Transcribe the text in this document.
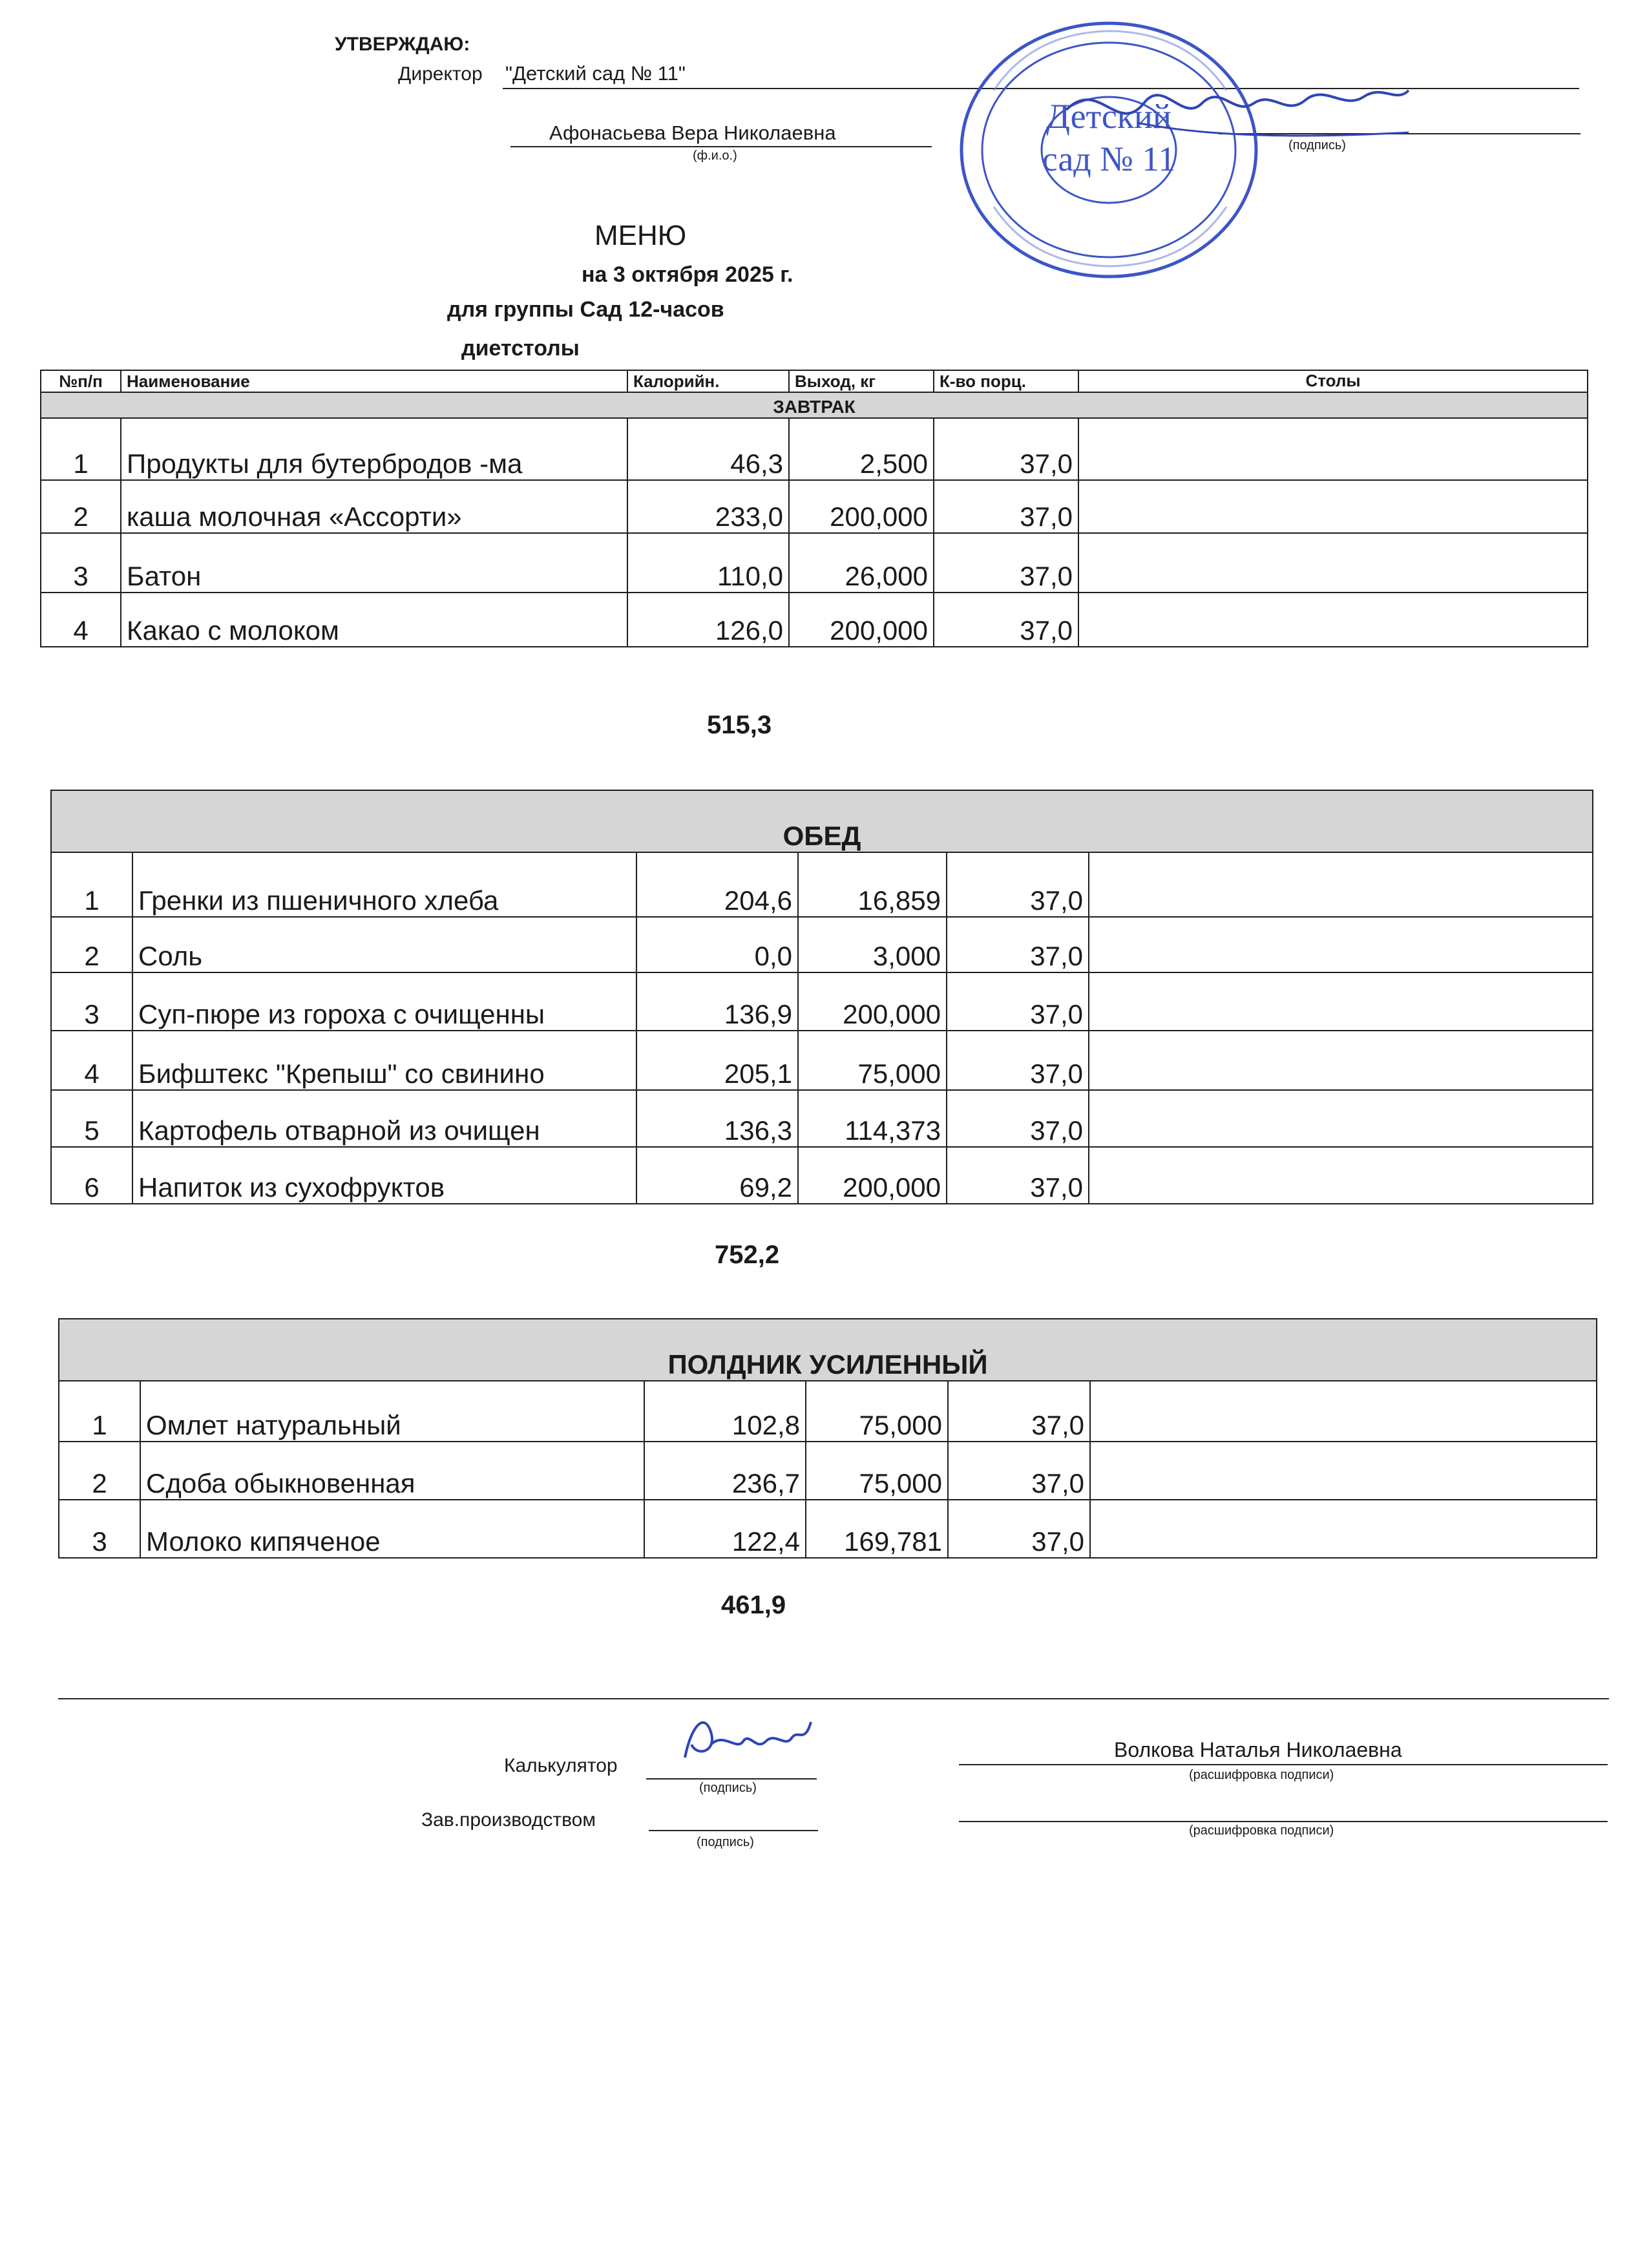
УТВЕРЖДАЮ:
Директор "Детский сад № 11"
Афонасьева Вера Николаевна
(ф.и.о.)
(подпись)
Детский
сад № 11
МЕНЮ
на 3 октября 2025 г.
для группы Сад 12-часов
диетстолы
№п/п	Наименование	Калорийн.	Выход, кг	К-во порц.	Столы
ЗАВТРАК					
1	Продукты для бутербродов -ма	46,3	2,500	37,0	
2	каша молочная «Ассорти»	233,0	200,000	37,0	
3	Батон	110,0	26,000	37,0	
4	Какао с молоком	126,0	200,000	37,0	
515,3
ОБЕД					
1	Гренки из пшеничного хлеба	204,6	16,859	37,0	
2	Соль	0,0	3,000	37,0	
3	Суп-пюре из гороха с очищенны	136,9	200,000	37,0	
4	Бифштекс "Крепыш" со свинино	205,1	75,000	37,0	
5	Картофель отварной из очищен	136,3	114,373	37,0	
6	Напиток из сухофруктов	69,2	200,000	37,0	
752,2
ПОЛДНИК УСИЛЕННЫЙ					
1	Омлет натуральный	102,8	75,000	37,0	
2	Сдоба обыкновенная	236,7	75,000	37,0	
3	Молоко кипяченое	122,4	169,781	37,0	
461,9
Калькулятор
(подпись)
Волкова Наталья Николаевна
(расшифровка подписи)
Зав.производством
(подпись)
(расшифровка подписи)
